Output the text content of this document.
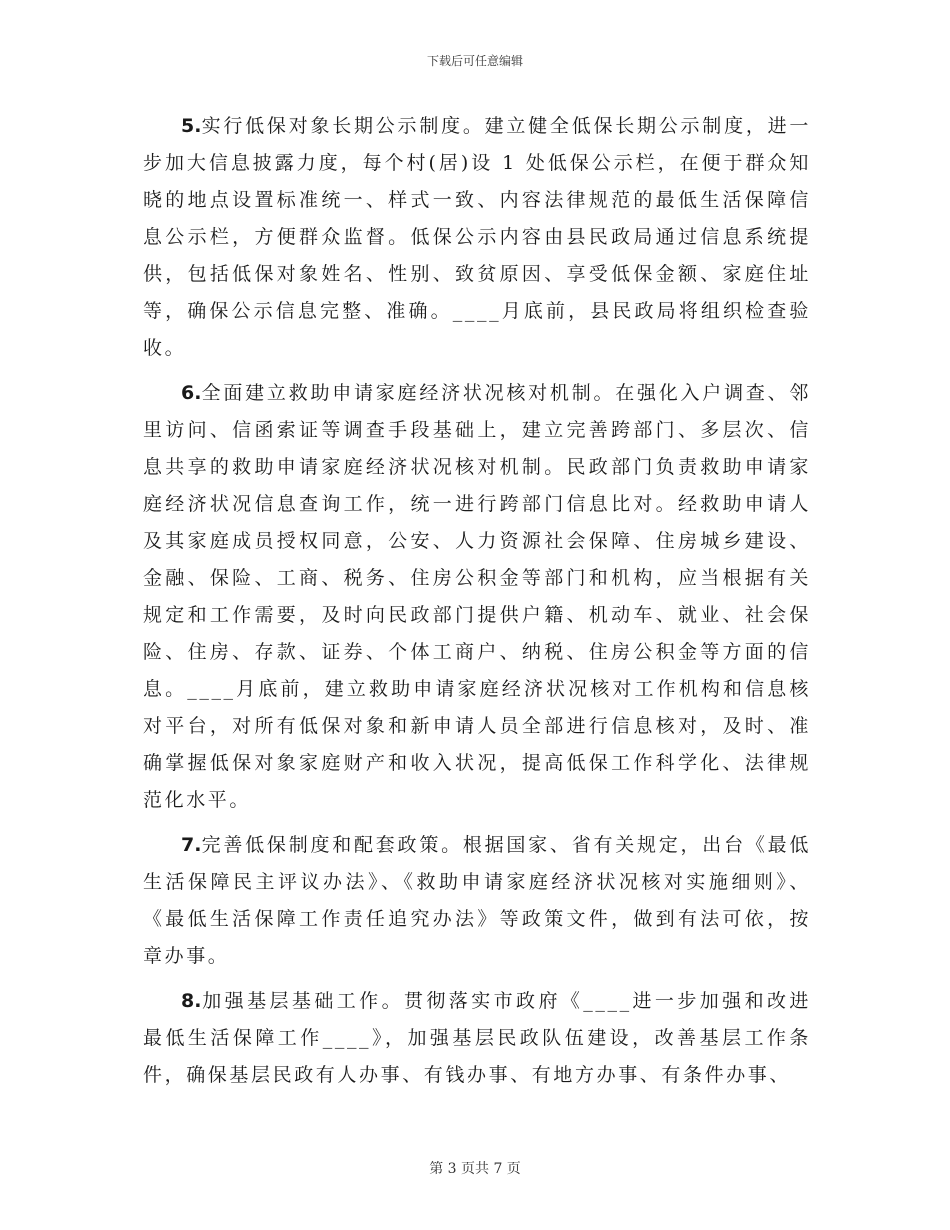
下载后可任意编辑

5.实行低保对象长期公示制度。建立健全低保长期公示制度，进一步加大信息披露力度，每个村(居)设 1 处低保公示栏，在便于群众知晓的地点设置标准统一、样式一致、内容法律规范的最低生活保障信息公示栏，方便群众监督。低保公示内容由县民政局通过信息系统提供，包括低保对象姓名、性别、致贫原因、享受低保金额、家庭住址等，确保公示信息完整、准确。____月底前，县民政局将组织检查验收。

6.全面建立救助申请家庭经济状况核对机制。在强化入户调查、邻里访问、信函索证等调查手段基础上，建立完善跨部门、多层次、信息共享的救助申请家庭经济状况核对机制。民政部门负责救助申请家庭经济状况信息查询工作，统一进行跨部门信息比对。经救助申请人及其家庭成员授权同意，公安、人力资源社会保障、住房城乡建设、金融、保险、工商、税务、住房公积金等部门和机构，应当根据有关规定和工作需要，及时向民政部门提供户籍、机动车、就业、社会保险、住房、存款、证券、个体工商户、纳税、住房公积金等方面的信息。____月底前，建立救助申请家庭经济状况核对工作机构和信息核对平台，对所有低保对象和新申请人员全部进行信息核对，及时、准确掌握低保对象家庭财产和收入状况，提高低保工作科学化、法律规范化水平。

7.完善低保制度和配套政策。根据国家、省有关规定，出台《最低生活保障民主评议办法》、《救助申请家庭经济状况核对实施细则》、《最低生活保障工作责任追究办法》等政策文件，做到有法可依，按章办事。

8.加强基层基础工作。贯彻落实市政府《____进一步加强和改进最低生活保障工作____》，加强基层民政队伍建设，改善基层工作条件，确保基层民政有人办事、有钱办事、有地方办事、有条件办事、

第 3 页共 7 页
